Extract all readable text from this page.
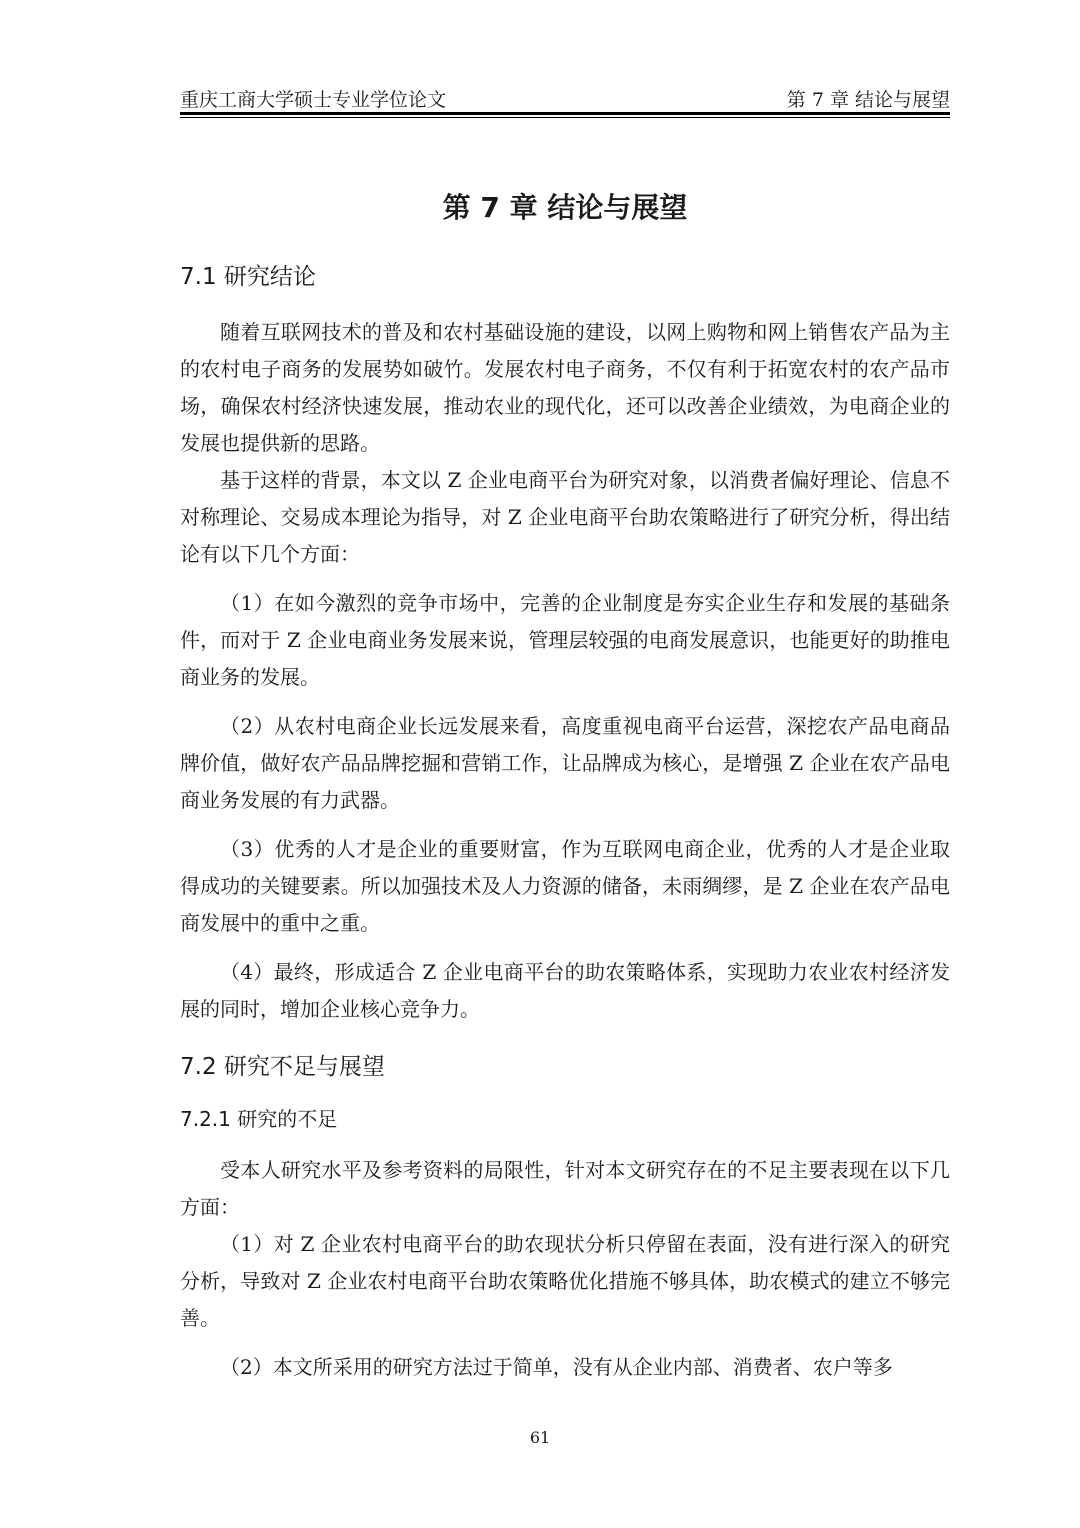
重庆工商大学硕士专业学位论文	第 7 章 结论与展望
第 7 章 结论与展望
7.1 研究结论

随着互联网技术的普及和农村基础设施的建设，以网上购物和网上销售农产品为主的农村电子商务的发展势如破竹。发展农村电子商务，不仅有利于拓宽农村的农产品市场，确保农村经济快速发展，推动农业的现代化，还可以改善企业绩效，为电商企业的发展也提供新的思路。

基于这样的背景，本文以 Z 企业电商平台为研究对象，以消费者偏好理论、信息不对称理论、交易成本理论为指导，对 Z 企业电商平台助农策略进行了研究分析，得出结论有以下几个方面：

（1）在如今激烈的竞争市场中，完善的企业制度是夯实企业生存和发展的基础条件，而对于 Z 企业电商业务发展来说，管理层较强的电商发展意识，也能更好的助推电商业务的发展。

（2）从农村电商企业长远发展来看，高度重视电商平台运营，深挖农产品电商品牌价值，做好农产品品牌挖掘和营销工作，让品牌成为核心，是增强 Z 企业在农产品电商业务发展的有力武器。

（3）优秀的人才是企业的重要财富，作为互联网电商企业，优秀的人才是企业取得成功的关键要素。所以加强技术及人力资源的储备，未雨绸缪，是 Z 企业在农产品电商发展中的重中之重。

（4）最终，形成适合 Z 企业电商平台的助农策略体系，实现助力农业农村经济发展的同时，增加企业核心竞争力。

7.2 研究不足与展望
7.2.1 研究的不足

受本人研究水平及参考资料的局限性，针对本文研究存在的不足主要表现在以下几方面：

（1）对 Z 企业农村电商平台的助农现状分析只停留在表面，没有进行深入的研究分析，导致对 Z 企业农村电商平台助农策略优化措施不够具体，助农模式的建立不够完善。

（2）本文所采用的研究方法过于简单，没有从企业内部、消费者、农户等多

61
